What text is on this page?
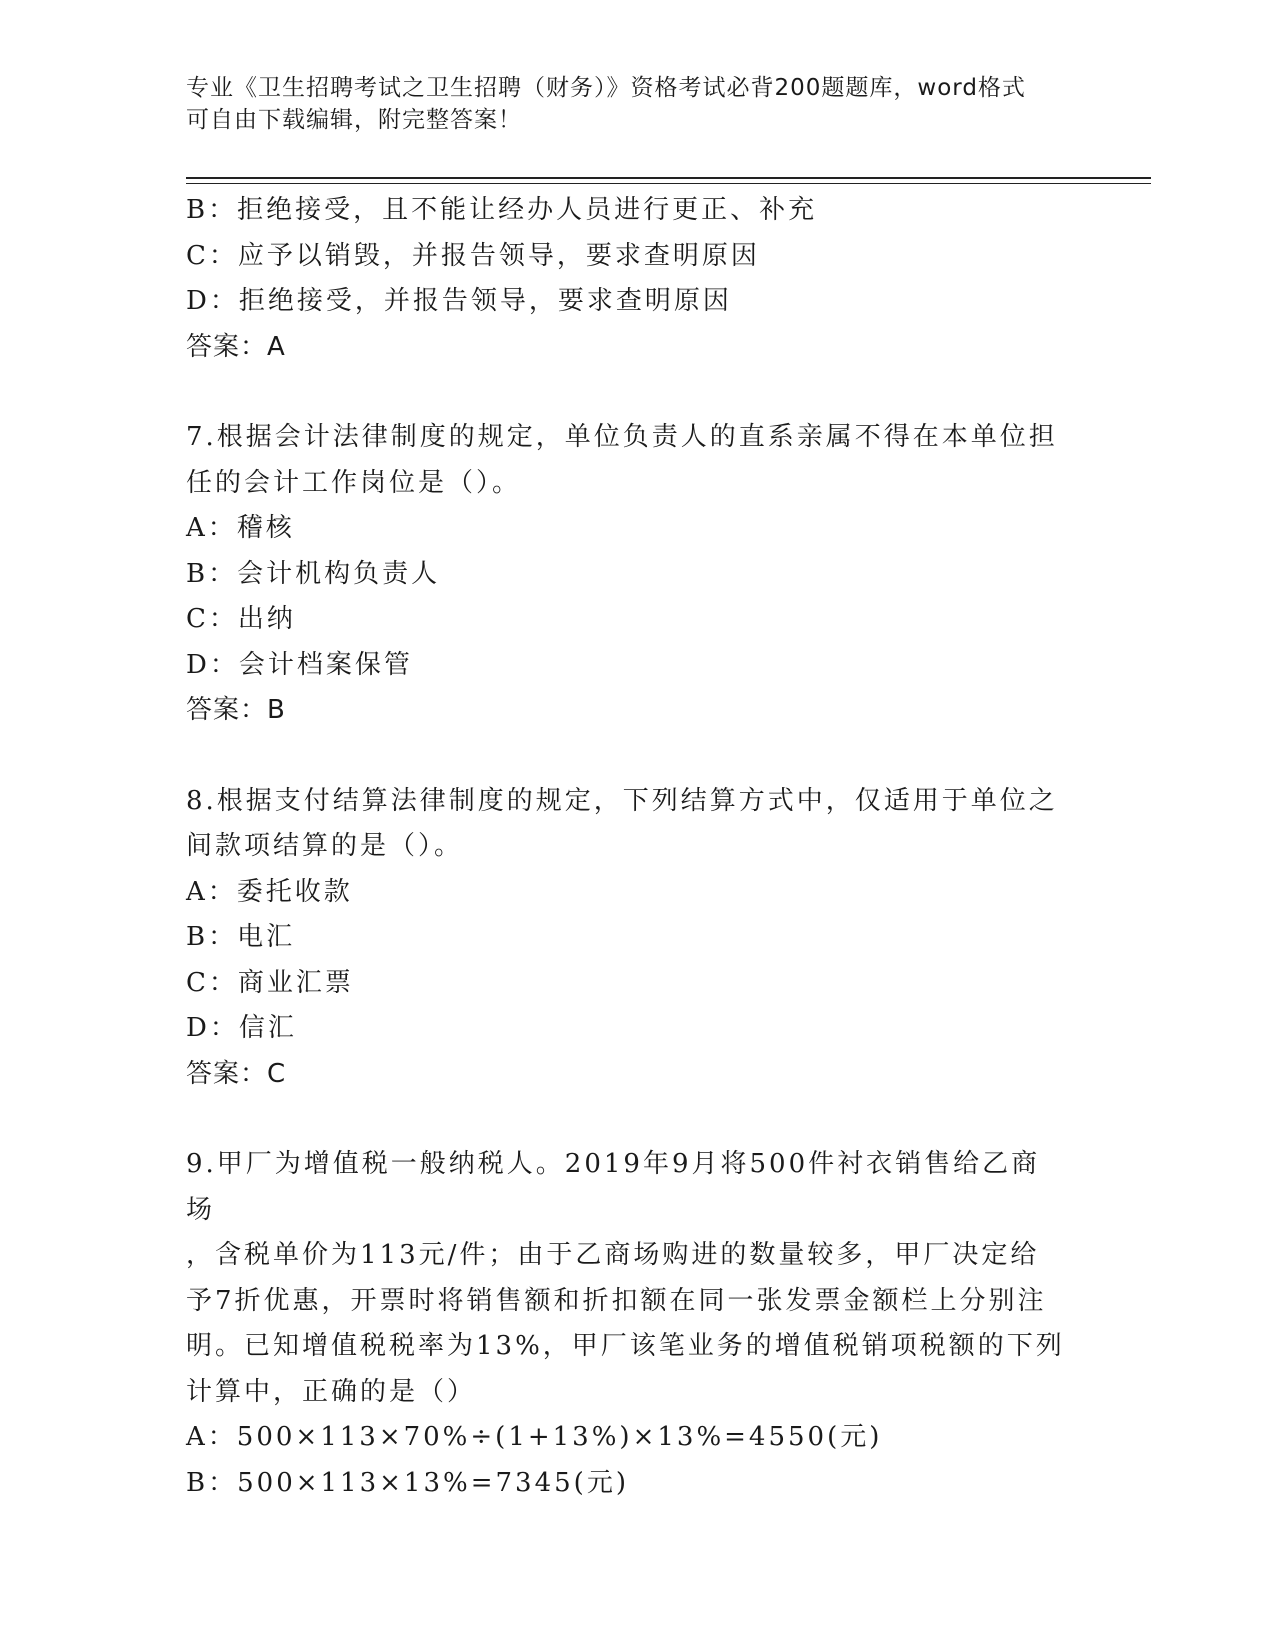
专业《卫生招聘考试之卫生招聘（财务）》资格考试必背200题题库，word格式

可自由下载编辑，附完整答案！

B：拒绝接受，且不能让经办人员进行更正、补充

C：应予以销毁，并报告领导，要求查明原因

D：拒绝接受，并报告领导，要求查明原因

答案：A

7.根据会计法律制度的规定，单位负责人的直系亲属不得在本单位担

任的会计工作岗位是（）。

A：稽核

B：会计机构负责人

C：出纳

D：会计档案保管

答案：B

8.根据支付结算法律制度的规定，下列结算方式中，仅适用于单位之

间款项结算的是（）。

A：委托收款

B：电汇

C：商业汇票

D：信汇

答案：C

9.甲厂为增值税一般纳税人。2019年9月将500件衬衣销售给乙商场

，含税单价为113元/件；由于乙商场购进的数量较多，甲厂决定给

予7折优惠，开票时将销售额和折扣额在同一张发票金额栏上分别注

明。已知增值税税率为13%，甲厂该笔业务的增值税销项税额的下列

计算中，正确的是（）

A：500×113×70%÷(1+13%)×13%=4550(元)

B：500×113×13%=7345(元)
